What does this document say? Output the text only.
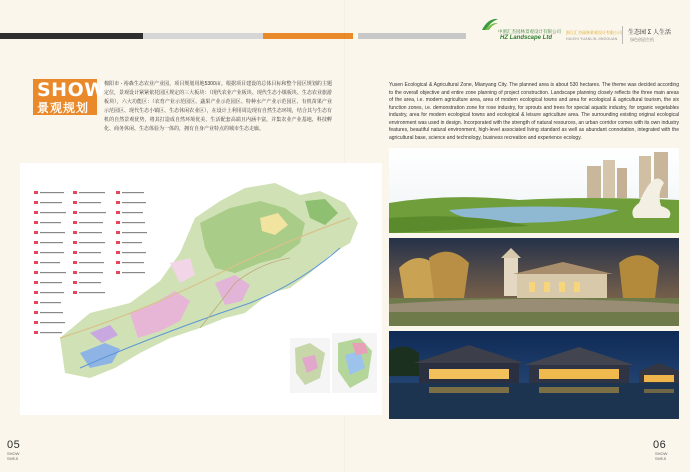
中浙汇杰园林景观设计有限公司
HZ Landscape Ltd
浙江汇杰园林景观设计有限公司
HUIZHI YUANLIN JINGGUAN
生态园 Σ 人生活
绿色创造生机
SHOW
景观规划
棉阳市 - 裕森生态农业产业园，项目规划用地5300亩。根据项目建设的总体目标和整个园区规划的主题定位，景观设计紧紧依托园区规定的三大板块：（现代农业产业板块、现代生态小镇板块、生态农业旅游板块），六大功能区：（农育产业示范园区、蔬果产业示范园区、特种水产产业示范园区、有机苗果产业示范园区、现代生态小镇区、生态休闲农业区），在设计上利用周边现有自然生态环境，结合其与生态有机的自然景观优势，将其打造成自然环境优美、生活配套高端且内涵丰富，并集农业产业基地、科技孵化、商务休闲、生态体验为一体的，拥有自身产业特点的城市生态走廊。
Yusen Ecological & Agricultural Zone, Mianyang City. The planned area is about 530 hectares. The theme was decided according to the overall objective and entire zone planning of project construction. Landscape planning closely reflects the three main areas of the area, i.e. modern agriculture area, area of modern ecological towns and area for ecological & agricultural tourism, the six function zones, i.e. demonstration zone for rose industry, for sprouts and trees for special aquatic industry, for organic vegetables industry, area for modern ecological towns and ecological & leisure agriculture area. The surrounding existing original ecological environment was used in design. Incorporated with the strength of natural resources, an urban corridor comes with its own industry features, beautiful natural environment, high-level associated living standard as well as abundant connotation, integrated with the agricultural base, science and technology, business recreation and experience ecology.
05
SHOW
SHEJI
06
SHOW
SHEJI
